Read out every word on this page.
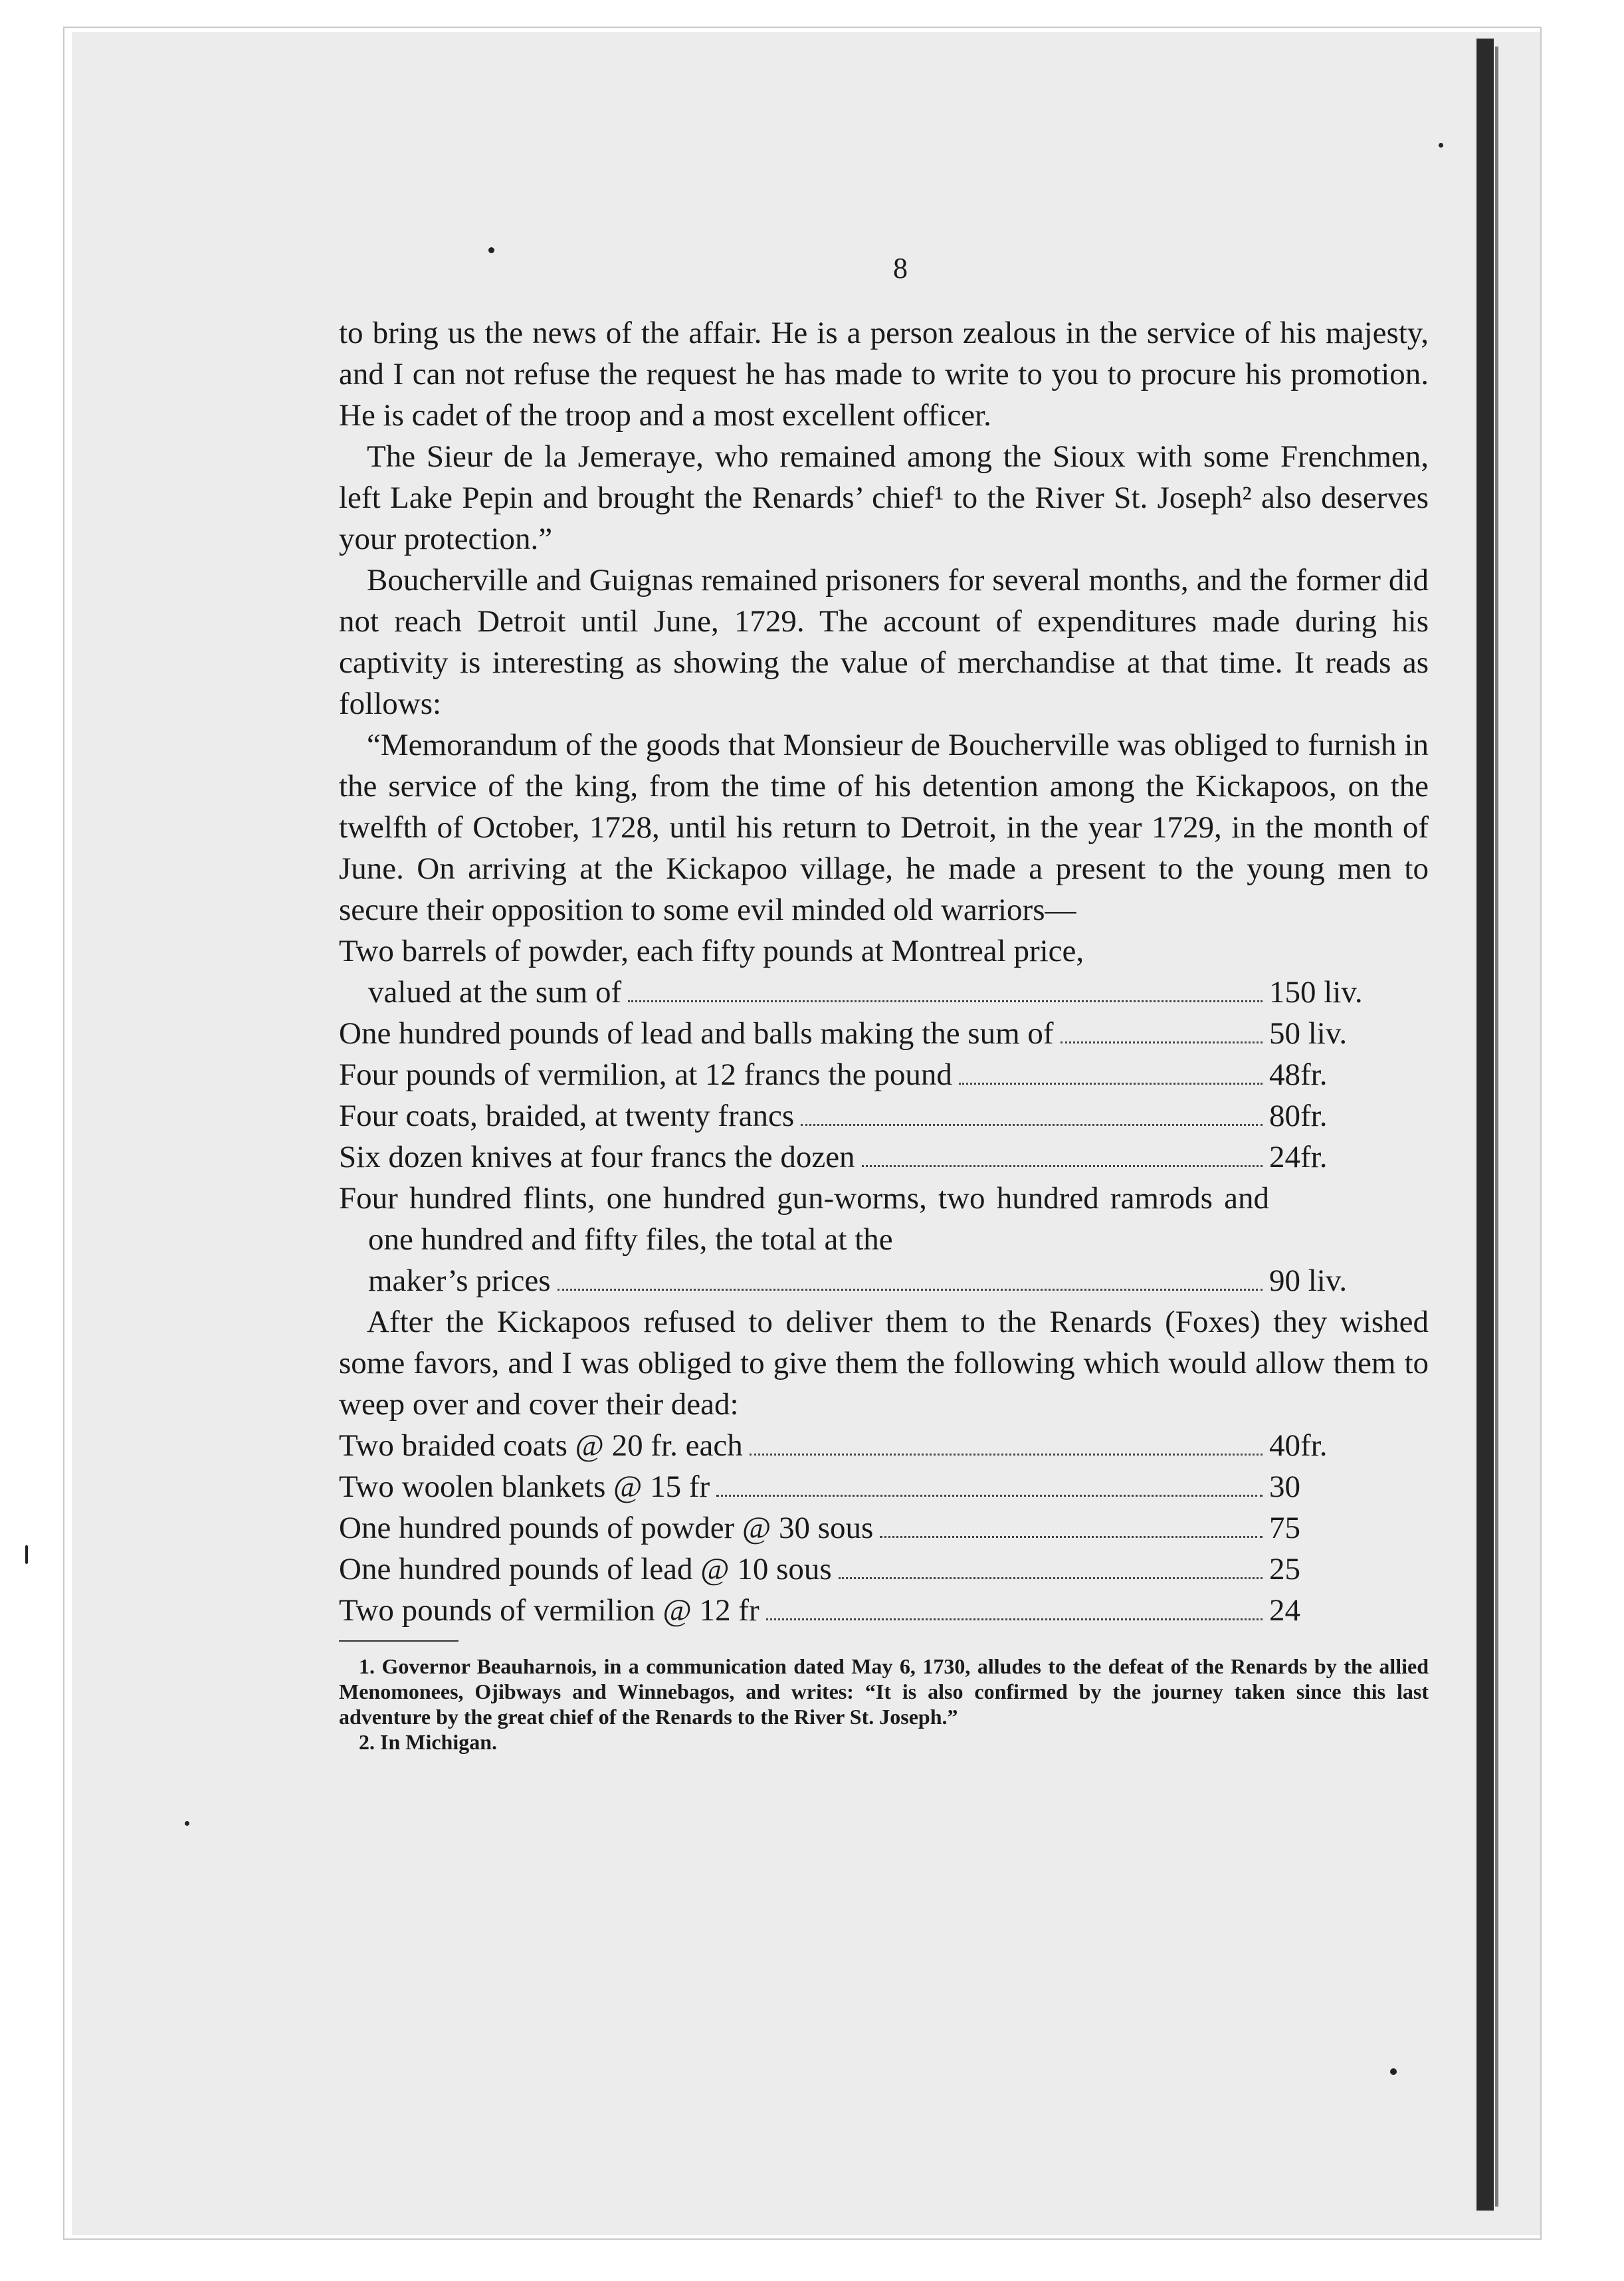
8

to bring us the news of the affair. He is a person zealous in the service of his majesty, and I can not refuse the request he has made to write to you to procure his promotion. He is cadet of the troop and a most excellent officer.

The Sieur de la Jemeraye, who remained among the Sioux with some Frenchmen, left Lake Pepin and brought the Renards’ chief¹ to the River St. Joseph² also deserves your protection.”

Boucherville and Guignas remained prisoners for several months, and the former did not reach Detroit until June, 1729. The account of expenditures made during his captivity is interesting as showing the value of merchandise at that time. It reads as follows:

“Memorandum of the goods that Monsieur de Boucherville was obliged to furnish in the service of the king, from the time of his detention among the Kickapoos, on the twelfth of October, 1728, until his return to Detroit, in the year 1729, in the month of June. On arriving at the Kickapoo village, he made a present to the young men to secure their opposition to some evil minded old warriors—

Two barrels of powder, each fifty pounds at Montreal price,
valued at the sum of	150 liv.
One hundred pounds of lead and balls making the sum of	50 liv.
Four pounds of vermilion, at 12 francs the pound	48fr.
Four coats, braided, at twenty francs	80fr.
Six dozen knives at four francs the dozen	24fr.
Four hundred flints, one hundred gun-worms, two hundred ramrods and one hundred and fifty files, the total at the
maker’s prices	90 liv.

After the Kickapoos refused to deliver them to the Renards (Foxes) they wished some favors, and I was obliged to give them the following which would allow them to weep over and cover their dead:

Two braided coats @ 20 fr. each	40fr.
Two woolen blankets @ 15 fr	30
One hundred pounds of powder @ 30 sous	75
One hundred pounds of lead @ 10 sous	25
Two pounds of vermilion @ 12 fr	24

1. Governor Beauharnois, in a communication dated May 6, 1730, alludes to the defeat of the Renards by the allied Menomonees, Ojibways and Winnebagos, and writes: “It is also confirmed by the journey taken since this last adventure by the great chief of the Renards to the River St. Joseph.”

2. In Michigan.
